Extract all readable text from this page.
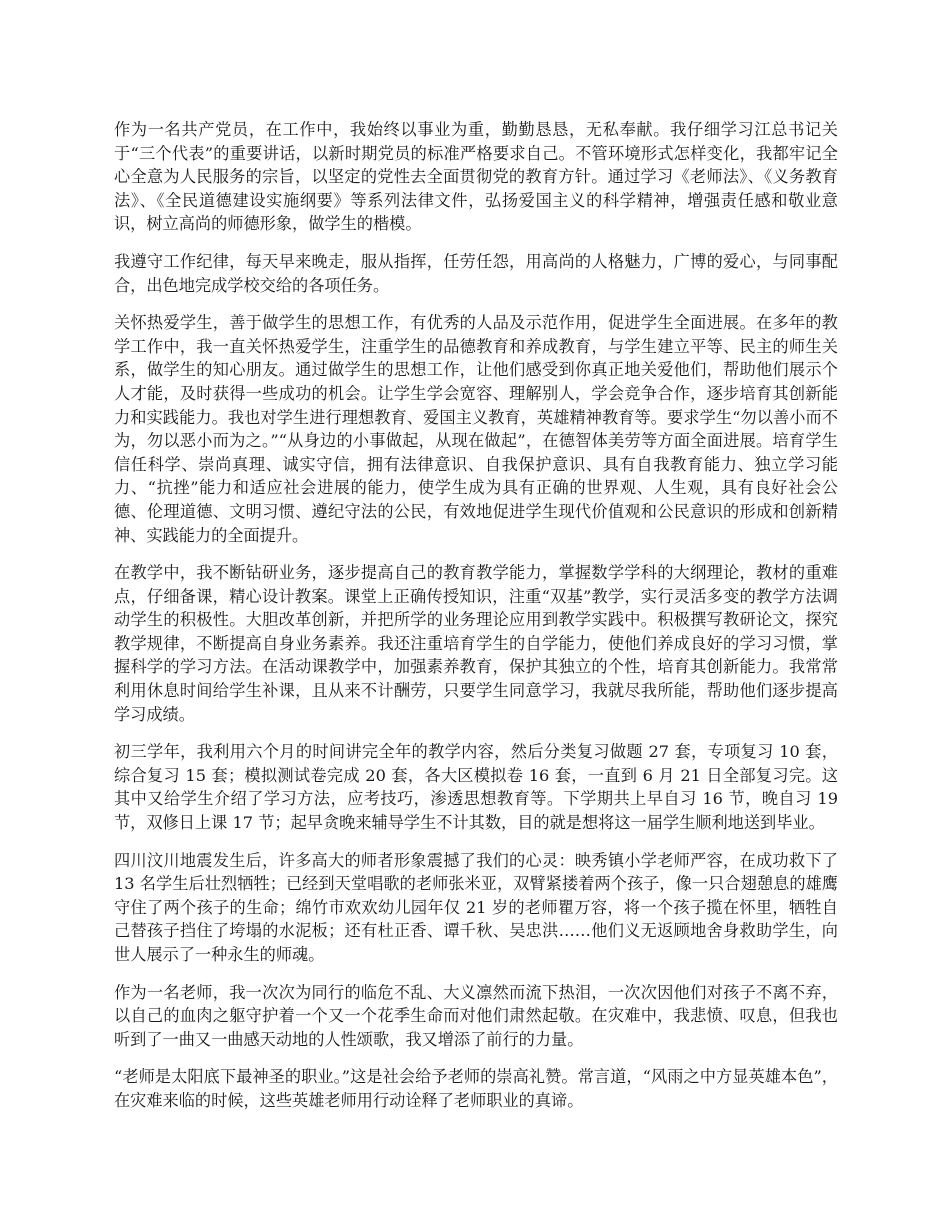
作为一名共产党员，在工作中，我始终以事业为重，勤勤恳恳，无私奉献。我仔细学习江总书记关于“三个代表”的重要讲话，以新时期党员的标准严格要求自己。不管环境形式怎样变化，我都牢记全心全意为人民服务的宗旨，以坚定的党性去全面贯彻党的教育方针。通过学习《老师法》、《义务教育法》、《全民道德建设实施纲要》等系列法律文件，弘扬爱国主义的科学精神，增强责任感和敬业意识，树立高尚的师德形象，做学生的楷模。

我遵守工作纪律，每天早来晚走，服从指挥，任劳任怨，用高尚的人格魅力，广博的爱心，与同事配合，出色地完成学校交给的各项任务。

关怀热爱学生，善于做学生的思想工作，有优秀的人品及示范作用，促进学生全面进展。在多年的教学工作中，我一直关怀热爱学生，注重学生的品德教育和养成教育，与学生建立平等、民主的师生关系，做学生的知心朋友。通过做学生的思想工作，让他们感受到你真正地关爱他们，帮助他们展示个人才能，及时获得一些成功的机会。让学生学会宽容、理解别人，学会竞争合作，逐步培育其创新能力和实践能力。我也对学生进行理想教育、爱国主义教育，英雄精神教育等。要求学生“勿以善小而不为，勿以恶小而为之。”“从身边的小事做起，从现在做起”，在德智体美劳等方面全面进展。培育学生信任科学、崇尚真理、诚实守信，拥有法律意识、自我保护意识、具有自我教育能力、独立学习能力、“抗挫”能力和适应社会进展的能力，使学生成为具有正确的世界观、人生观，具有良好社会公德、伦理道德、文明习惯、遵纪守法的公民，有效地促进学生现代价值观和公民意识的形成和创新精神、实践能力的全面提升。

在教学中，我不断钻研业务，逐步提高自己的教育教学能力，掌握数学学科的大纲理论，教材的重难点，仔细备课，精心设计教案。课堂上正确传授知识，注重“双基”教学，实行灵活多变的教学方法调动学生的积极性。大胆改革创新，并把所学的业务理论应用到教学实践中。积极撰写教研论文，探究教学规律，不断提高自身业务素养。我还注重培育学生的自学能力，使他们养成良好的学习习惯，掌握科学的学习方法。在活动课教学中，加强素养教育，保护其独立的个性，培育其创新能力。我常常利用休息时间给学生补课，且从来不计酬劳，只要学生同意学习，我就尽我所能，帮助他们逐步提高学习成绩。

初三学年，我利用六个月的时间讲完全年的教学内容，然后分类复习做题 27 套，专项复习 10 套，综合复习 15 套；模拟测试卷完成 20 套，各大区模拟卷 16 套，一直到 6 月 21 日全部复习完。这其中又给学生介绍了学习方法，应考技巧，渗透思想教育等。下学期共上早自习 16 节，晚自习 19 节，双修日上课 17 节；起早贪晚来辅导学生不计其数，目的就是想将这一届学生顺利地送到毕业。

四川汶川地震发生后，许多高大的师者形象震撼了我们的心灵：映秀镇小学老师严容，在成功救下了 13 名学生后壮烈牺牲；已经到天堂唱歌的老师张米亚，双臂紧搂着两个孩子，像一只合翅憩息的雄鹰守住了两个孩子的生命；绵竹市欢欢幼儿园年仅 21 岁的老师瞿万容，将一个孩子揽在怀里，牺牲自己替孩子挡住了垮塌的水泥板；还有杜正香、谭千秋、吴忠洪……他们义无返顾地舍身救助学生，向世人展示了一种永生的师魂。

作为一名老师，我一次次为同行的临危不乱、大义凛然而流下热泪，一次次因他们对孩子不离不弃，以自己的血肉之躯守护着一个又一个花季生命而对他们肃然起敬。在灾难中，我悲愤、叹息，但我也听到了一曲又一曲感天动地的人性颂歌，我又增添了前行的力量。

“老师是太阳底下最神圣的职业。”这是社会给予老师的崇高礼赞。常言道，“风雨之中方显英雄本色”，在灾难来临的时候，这些英雄老师用行动诠释了老师职业的真谛。
